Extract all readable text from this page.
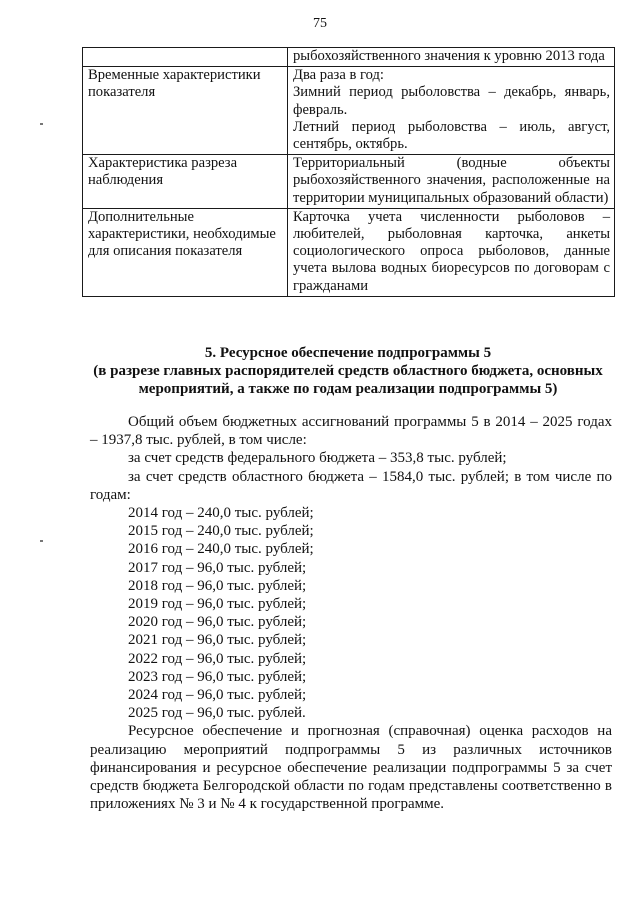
75

	рыбохозяйственного значения к уровню 2013 года

Временные характеристики показателя	Два раза в год:
Зимний период рыболовства – декабрь, январь, февраль.
Летний период рыболовства – июль, август, сентябрь, октябрь.

Характеристика разреза наблюдения	Территориальный (водные объекты рыбохозяйственного значения, расположенные на территории муниципальных образований области)

Дополнительные характеристики, необходимые для описания показателя	Карточка учета численности рыболовов – любителей, рыболовная карточка, анкеты социологического опроса рыболовов, данные учета вылова водных биоресурсов по договорам с гражданами
5. Ресурсное обеспечение подпрограммы 5
(в разрезе главных распорядителей средств областного бюджета, основных
мероприятий, а также по годам реализации подпрограммы 5)
Общий объем бюджетных ассигнований программы 5 в 2014 – 2025 годах – 1937,8 тыс. рублей, в том числе:
за счет средств федерального бюджета – 353,8 тыс. рублей;
за счет средств областного бюджета – 1584,0 тыс. рублей; в том числе по годам:
2014 год – 240,0 тыс. рублей;
2015 год – 240,0 тыс. рублей;
2016 год – 240,0 тыс. рублей;
2017 год – 96,0 тыс. рублей;
2018 год – 96,0 тыс. рублей;
2019 год – 96,0 тыс. рублей;
2020 год – 96,0 тыс. рублей;
2021 год – 96,0 тыс. рублей;
2022 год – 96,0 тыс. рублей;
2023 год – 96,0 тыс. рублей;
2024 год – 96,0 тыс. рублей;
2025 год – 96,0 тыс. рублей.
Ресурсное обеспечение и прогнозная (справочная) оценка расходов на реализацию мероприятий подпрограммы 5 из различных источников финансирования и ресурсное обеспечение реализации подпрограммы 5 за счет средств бюджета Белгородской области по годам представлены соответственно в приложениях № 3 и № 4 к государственной программе.
